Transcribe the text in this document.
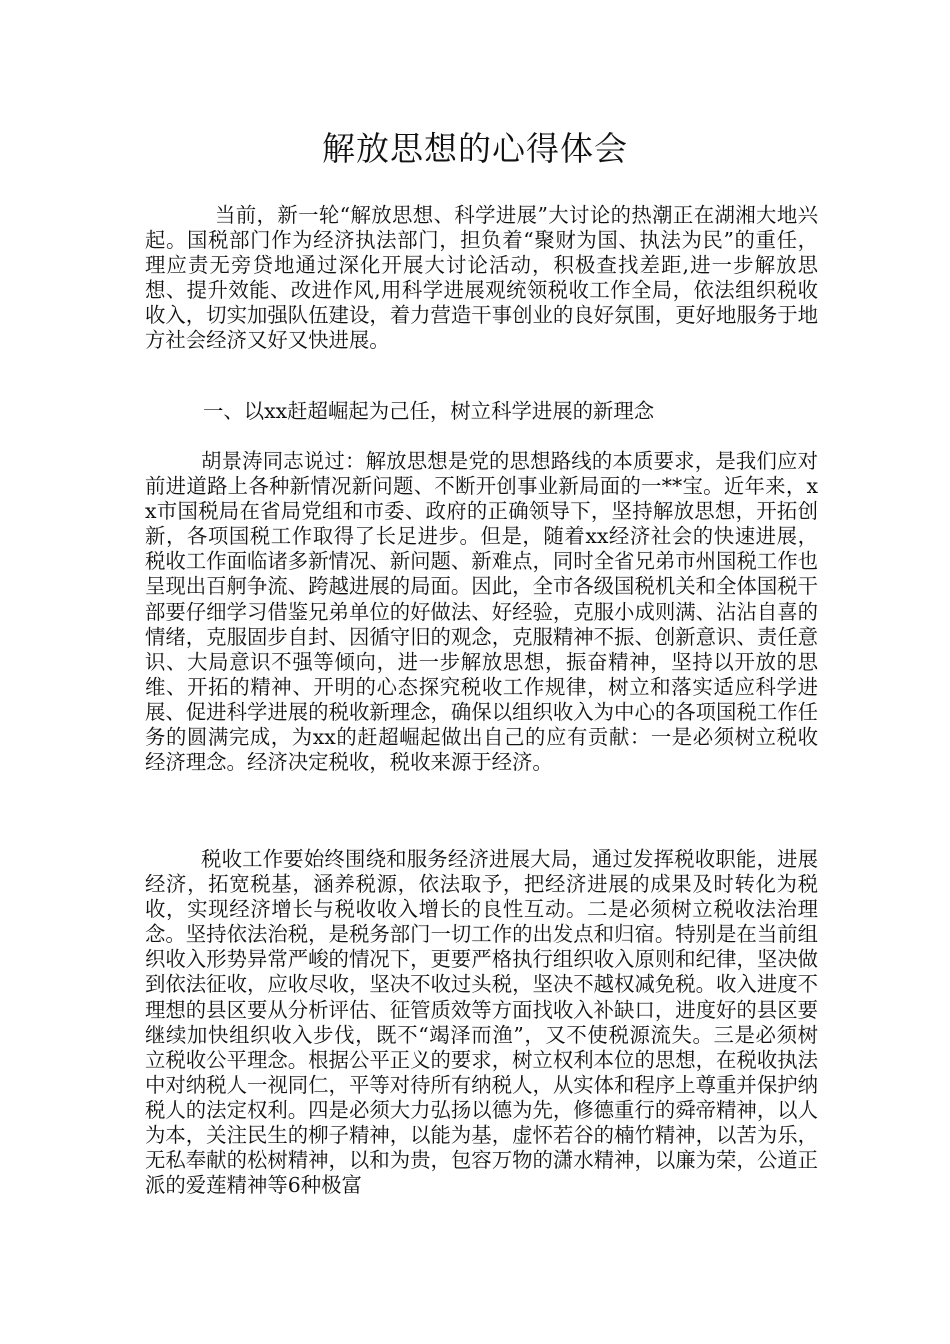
解放思想的心得体会

当前，新一轮“解放思想、科学进展”大讨论的热潮正在湖湘大地兴起。国税部门作为经济执法部门，担负着“聚财为国、执法为民”的重任，理应责无旁贷地通过深化开展大讨论活动，积极查找差距,进一步解放思想、提升效能、改进作风,用科学进展观统领税收工作全局，依法组织税收收入，切实加强队伍建设，着力营造干事创业的良好氛围，更好地服务于地方社会经济又好又快进展。

一、以xx赶超崛起为己任，树立科学进展的新理念

胡景涛同志说过：解放思想是党的思想路线的本质要求，是我们应对前进道路上各种新情况新问题、不断开创事业新局面的一**宝。近年来，xx市国税局在省局党组和市委、政府的正确领导下，坚持解放思想，开拓创新，各项国税工作取得了长足进步。但是，随着xx经济社会的快速进展，税收工作面临诸多新情况、新问题、新难点，同时全省兄弟市州国税工作也呈现出百舸争流、跨越进展的局面。因此，全市各级国税机关和全体国税干部要仔细学习借鉴兄弟单位的好做法、好经验，克服小成则满、沾沾自喜的情绪，克服固步自封、因循守旧的观念，克服精神不振、创新意识、责任意识、大局意识不强等倾向，进一步解放思想，振奋精神，坚持以开放的思维、开拓的精神、开明的心态探究税收工作规律，树立和落实适应科学进展、促进科学进展的税收新理念，确保以组织收入为中心的各项国税工作任务的圆满完成，为xx的赶超崛起做出自己的应有贡献：一是必须树立税收经济理念。经济决定税收，税收来源于经济。

税收工作要始终围绕和服务经济进展大局，通过发挥税收职能，进展经济，拓宽税基，涵养税源，依法取予，把经济进展的成果及时转化为税收，实现经济增长与税收收入增长的良性互动。二是必须树立税收法治理念。坚持依法治税，是税务部门一切工作的出发点和归宿。特别是在当前组织收入形势异常严峻的情况下，更要严格执行组织收入原则和纪律，坚决做到依法征收，应收尽收，坚决不收过头税，坚决不越权减免税。收入进度不理想的县区要从分析评估、征管质效等方面找收入补缺口，进度好的县区要继续加快组织收入步伐，既不“竭泽而渔”，又不使税源流失。三是必须树立税收公平理念。根据公平正义的要求，树立权利本位的思想，在税收执法中对纳税人一视同仁，平等对待所有纳税人，从实体和程序上尊重并保护纳税人的法定权利。四是必须大力弘扬以德为先，修德重行的舜帝精神，以人为本，关注民生的柳子精神，以能为基，虚怀若谷的楠竹精神，以苦为乐，无私奉献的松树精神，以和为贵，包容万物的潇水精神，以廉为荣，公道正派的爱莲精神等6种极富
